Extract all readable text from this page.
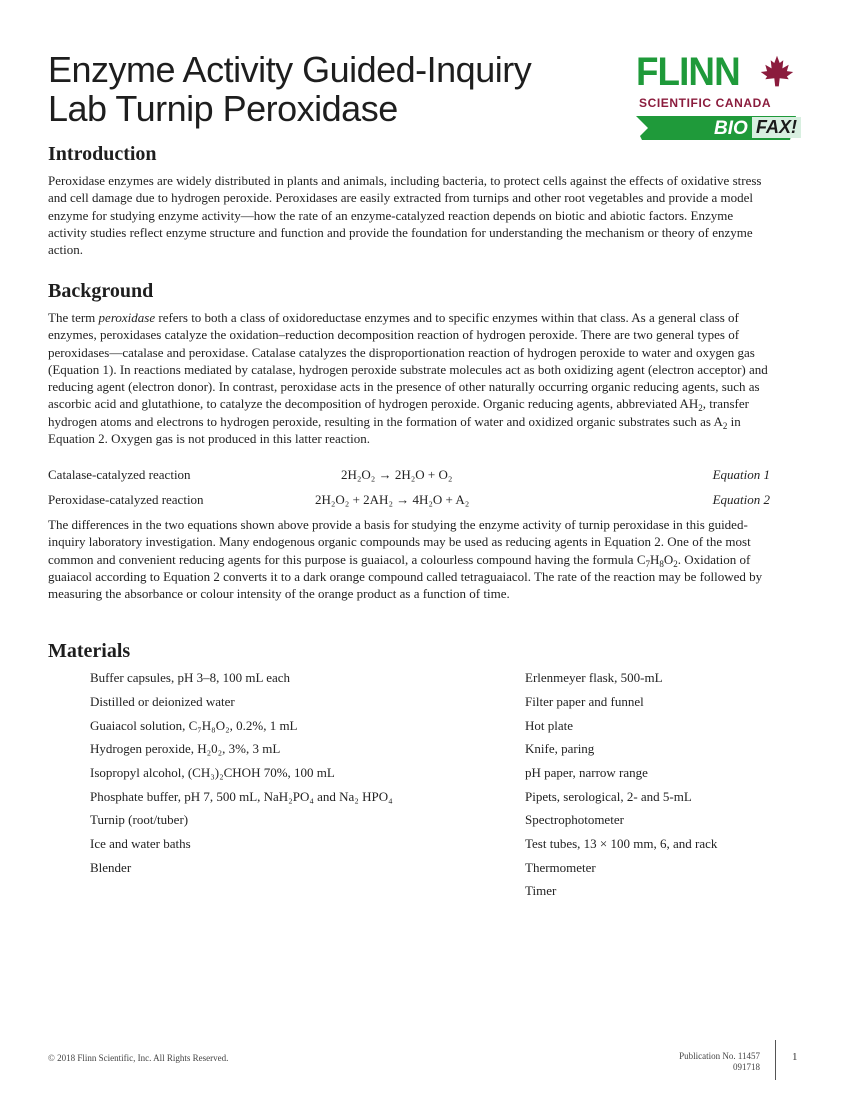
Enzyme Activity Guided-Inquiry
Lab Turnip Peroxidase
FLINN
SCIENTIFIC CANADA
BIO FAX!
Introduction

Peroxidase enzymes are widely distributed in plants and animals, including bacteria, to protect cells against the effects of oxidative stress and cell damage due to hydrogen peroxide. Peroxidases are easily extracted from turnips and other root vegetables and provide a model enzyme for studying enzyme activity—how the rate of an enzyme-catalyzed reaction depends on biotic and abiotic factors. Enzyme activity studies reflect enzyme structure and function and provide the foundation for understanding the mechanism or theory of enzyme action.

Background

The term peroxidase refers to both a class of oxidoreductase enzymes and to specific enzymes within that class. As a general class of enzymes, peroxidases catalyze the oxidation–reduction decomposition reaction of hydrogen peroxide. There are two general types of peroxidases—catalase and peroxidase. Catalase catalyzes the disproportionation reaction of hydrogen peroxide to water and oxygen gas (Equation 1). In reactions mediated by catalase, hydrogen peroxide substrate molecules act as both oxidizing agent (electron acceptor) and reducing agent (electron donor). In contrast, peroxidase acts in the presence of other naturally occurring organic reducing agents, such as ascorbic acid and glutathione, to catalyze the decomposition of hydrogen peroxide. Organic reducing agents, abbreviated $AH_2$, transfer hydrogen atoms and electrons to hydrogen peroxide, resulting in the formation of water and oxidized organic substrates such as $A_2$ in Equation 2. Oxygen gas is not produced in this latter reaction.

Catalase-catalyzed reaction	2H₂O₂ → 2H₂O + O₂	Equation 1
Peroxidase-catalyzed reaction	2H₂O₂ + 2AH₂ → 4H₂O + A₂	Equation 2

The differences in the two equations shown above provide a basis for studying the enzyme activity of turnip peroxidase in this guided-inquiry laboratory investigation. Many endogenous organic compounds may be used as reducing agents in Equation 2. One of the most common and convenient reducing agents for this purpose is guaiacol, a colourless compound having the formula $C_7H_8O_2$. Oxidation of guaiacol according to Equation 2 converts it to a dark orange compound called tetraguaiacol. The rate of the reaction may be followed by measuring the absorbance or colour intensity of the orange product as a function of time.

Materials
Buffer capsules, pH 3–8, 100 mL each
Distilled or deionized water
Guaiacol solution, C₇H₈O₂, 0.2%, 1 mL
Hydrogen peroxide, H₂0₂, 3%, 3 mL
Isopropyl alcohol, (CH₃)₂CHOH 70%, 100 mL
Phosphate buffer, pH 7, 500 mL, NaH₂PO₄ and Na₂ HPO₄
Turnip (root/tuber)
Ice and water baths
Blender
Erlenmeyer flask, 500-mL
Filter paper and funnel
Hot plate
Knife, paring
pH paper, narrow range
Pipets, serological, 2- and 5-mL
Spectrophotometer
Test tubes, 13 × 100 mm, 6, and rack
Thermometer
Timer
© 2018 Flinn Scientific, Inc. All Rights Reserved.	Publication No. 11457
091718
1
